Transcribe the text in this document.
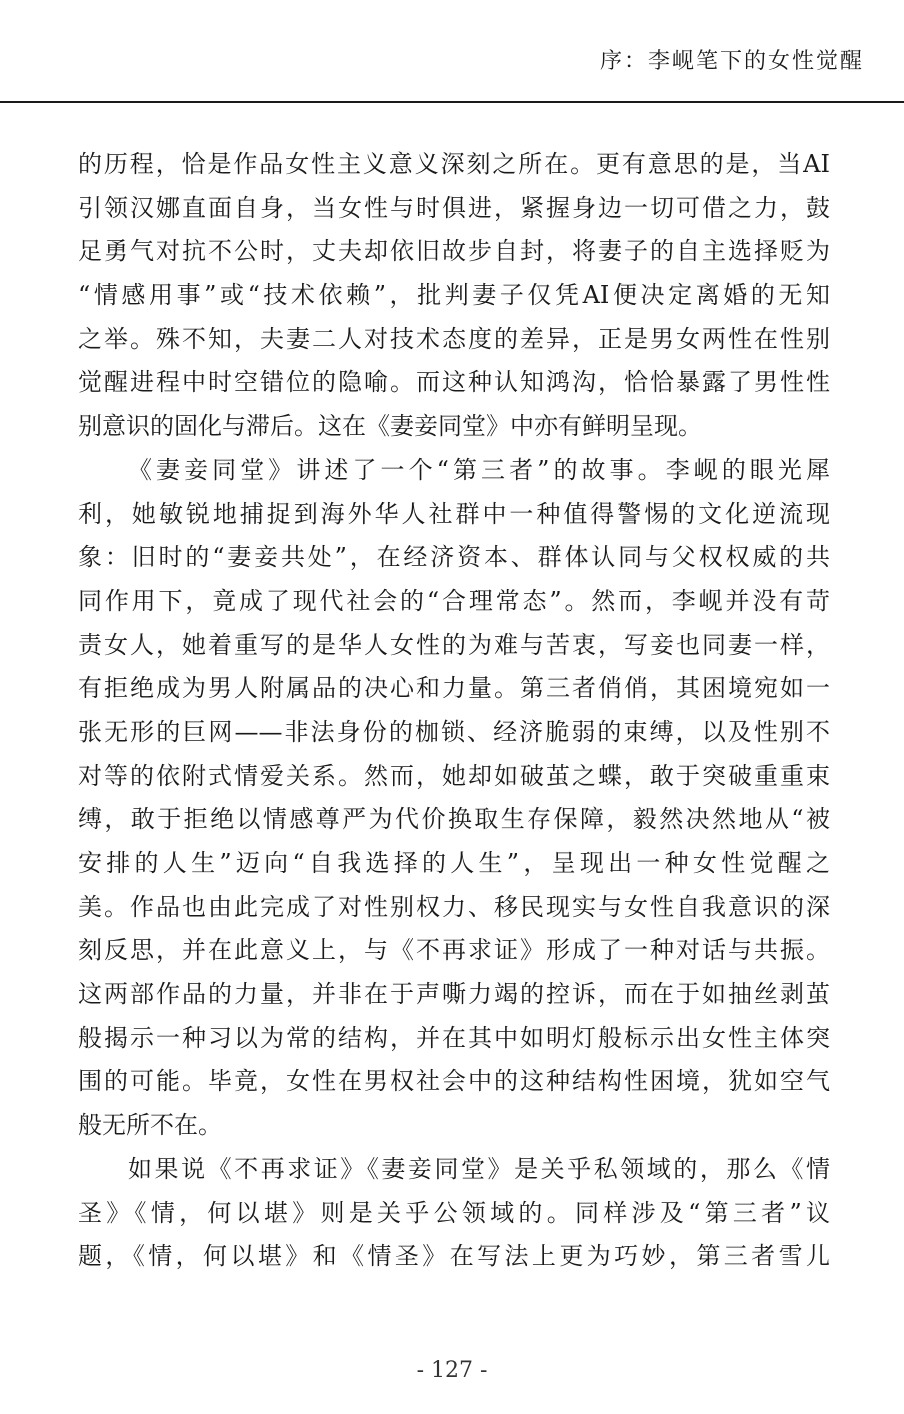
序：李岘笔下的女性觉醒
的历程，恰是作品女性主义意义深刻之所在。更有意思的是，当AI
引领汉娜直面自身，当女性与时俱进，紧握身边一切可借之力，鼓
足勇气对抗不公时，丈夫却依旧故步自封，将妻子的自主选择贬为
“情感用事”或“技术依赖”，批判妻子仅凭AI便决定离婚的无知
之举。殊不知，夫妻二人对技术态度的差异，正是男女两性在性别
觉醒进程中时空错位的隐喻。而这种认知鸿沟，恰恰暴露了男性性
别意识的固化与滞后。这在《妻妾同堂》中亦有鲜明呈现。
《妻妾同堂》讲述了一个“第三者”的故事。李岘的眼光犀
利，她敏锐地捕捉到海外华人社群中一种值得警惕的文化逆流现
象：旧时的“妻妾共处”，在经济资本、群体认同与父权权威的共
同作用下，竟成了现代社会的“合理常态”。然而，李岘并没有苛
责女人，她着重写的是华人女性的为难与苦衷，写妾也同妻一样，
有拒绝成为男人附属品的决心和力量。第三者俏俏，其困境宛如一
张无形的巨网——非法身份的枷锁、经济脆弱的束缚，以及性别不
对等的依附式情爱关系。然而，她却如破茧之蝶，敢于突破重重束
缚，敢于拒绝以情感尊严为代价换取生存保障，毅然决然地从“被
安排的人生”迈向“自我选择的人生”，呈现出一种女性觉醒之
美。作品也由此完成了对性别权力、移民现实与女性自我意识的深
刻反思，并在此意义上，与《不再求证》形成了一种对话与共振。
这两部作品的力量，并非在于声嘶力竭的控诉，而在于如抽丝剥茧
般揭示一种习以为常的结构，并在其中如明灯般标示出女性主体突
围的可能。毕竟，女性在男权社会中的这种结构性困境，犹如空气
般无所不在。
如果说《不再求证》《妻妾同堂》是关乎私领域的，那么《情
圣》《情，何以堪》则是关乎公领域的。同样涉及“第三者”议
题，《情，何以堪》和《情圣》在写法上更为巧妙，第三者雪儿
- 127 -
